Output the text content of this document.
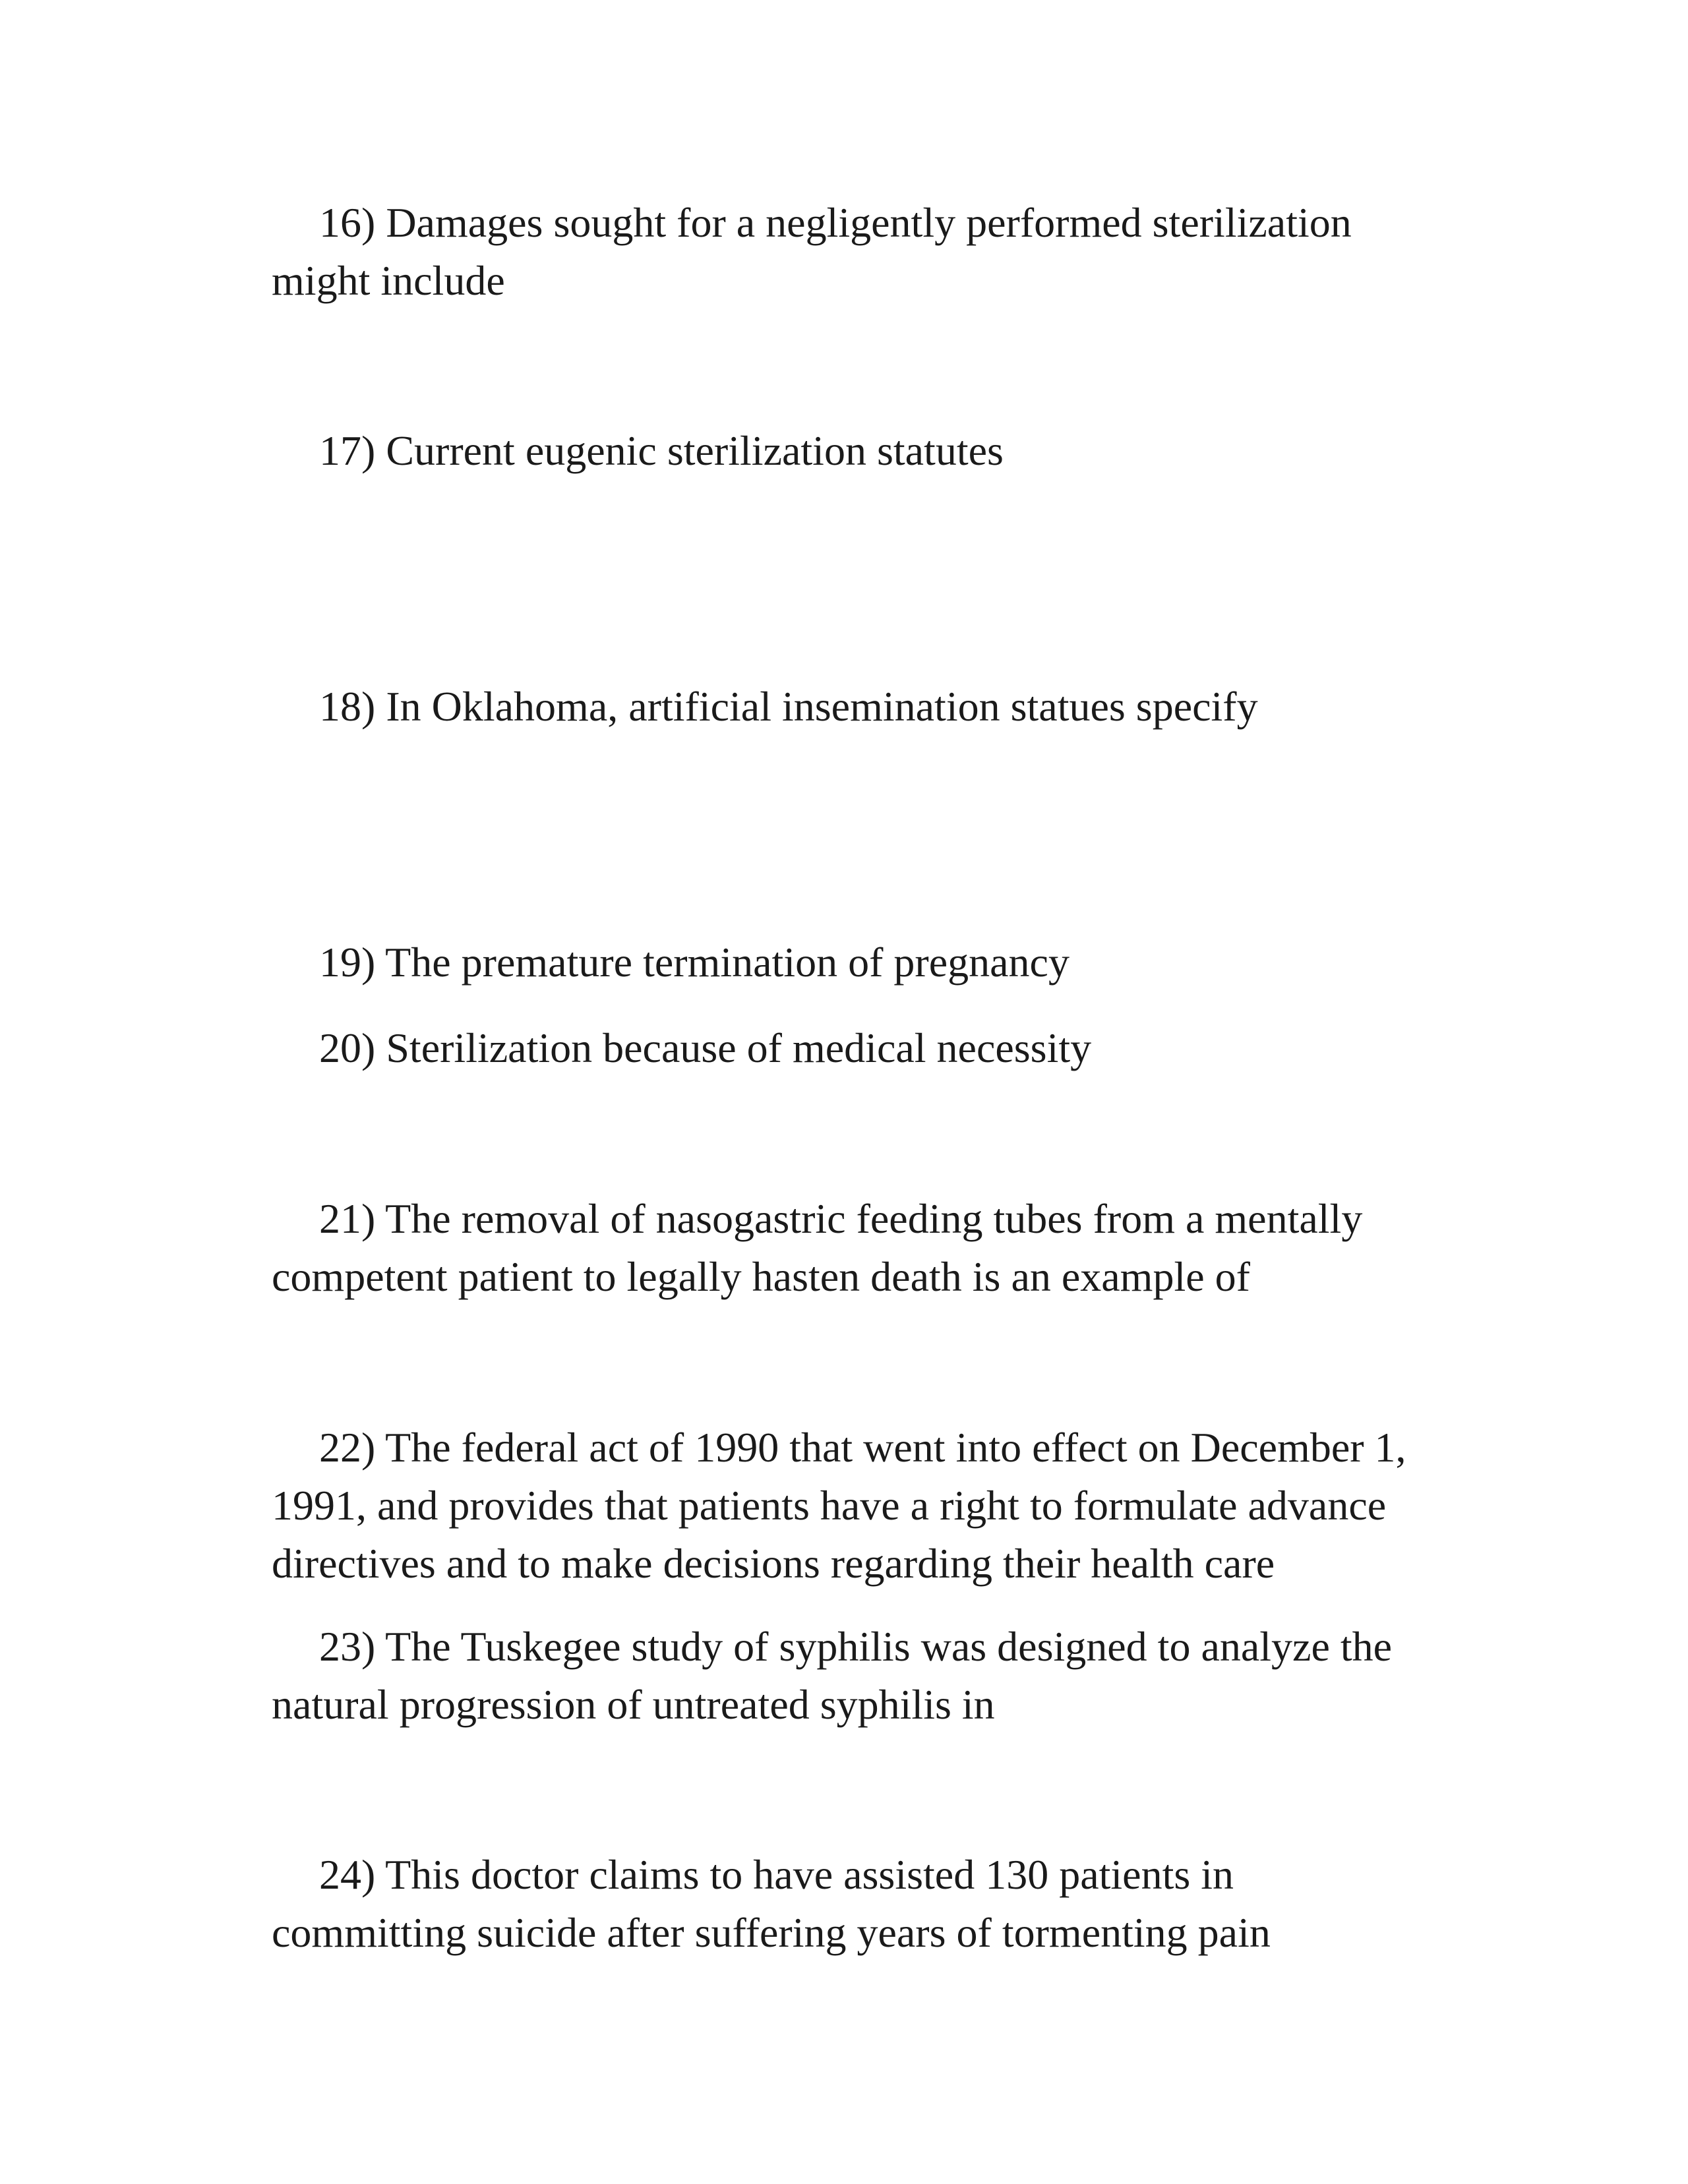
16) Damages sought for a negligently performed sterilization
might include

17) Current eugenic sterilization statutes

18) In Oklahoma, artificial insemination statues specify

19) The premature termination of pregnancy

20) Sterilization because of medical necessity

21) The removal of nasogastric feeding tubes from a mentally
competent patient to legally hasten death is an example of

22) The federal act of 1990 that went into effect on December 1,
1991, and provides that patients have a right to formulate advance
directives and to make decisions regarding their health care

23) The Tuskegee study of syphilis was designed to analyze the
natural progression of untreated syphilis in

24) This doctor claims to have assisted 130 patients in
committing suicide after suffering years of tormenting pain
